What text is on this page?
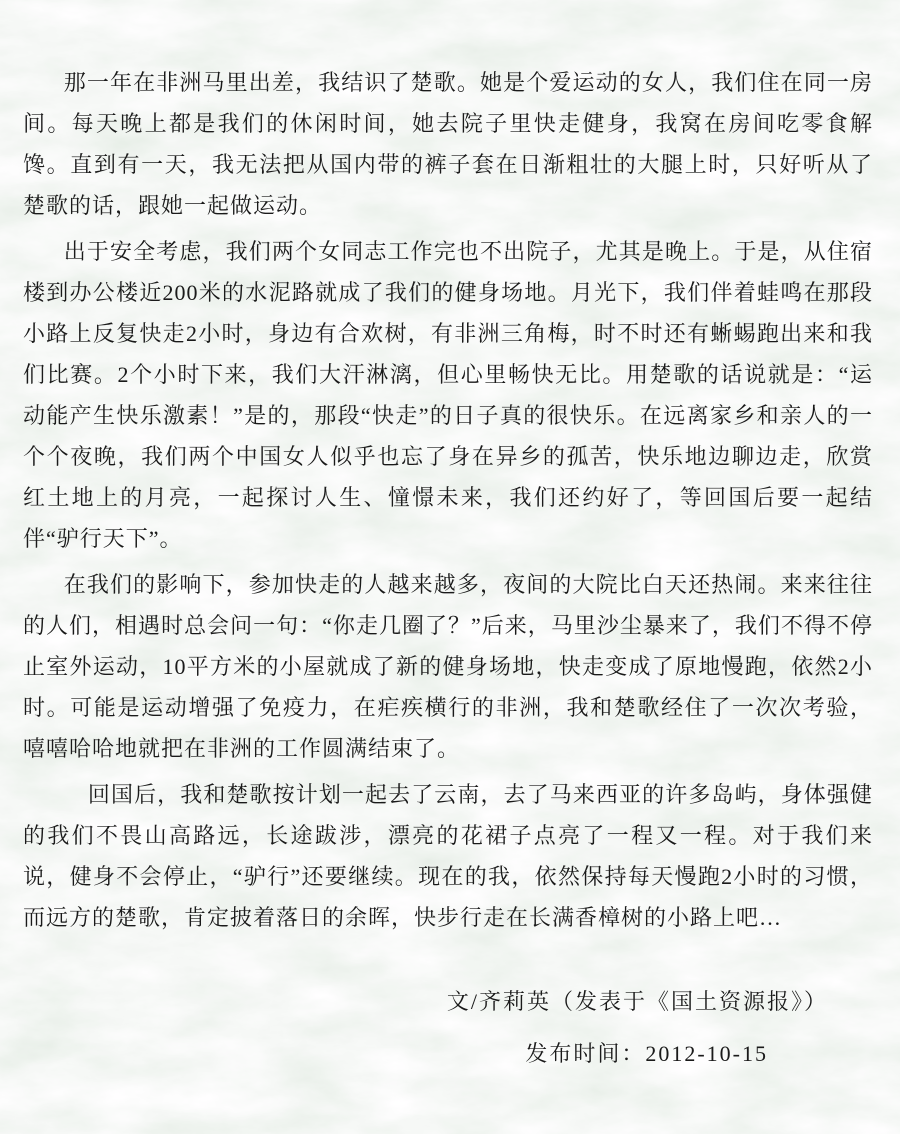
那一年在非洲马里出差，我结识了楚歌。她是个爱运动的女人，我们住在同一房间。每天晚上都是我们的休闲时间，她去院子里快走健身，我窝在房间吃零食解馋。直到有一天，我无法把从国内带的裤子套在日渐粗壮的大腿上时，只好听从了楚歌的话，跟她一起做运动。

出于安全考虑，我们两个女同志工作完也不出院子，尤其是晚上。于是，从住宿楼到办公楼近200米的水泥路就成了我们的健身场地。月光下，我们伴着蛙鸣在那段小路上反复快走2小时，身边有合欢树，有非洲三角梅，时不时还有蜥蜴跑出来和我们比赛。2个小时下来，我们大汗淋漓，但心里畅快无比。用楚歌的话说就是：“运动能产生快乐激素！”是的，那段“快走”的日子真的很快乐。在远离家乡和亲人的一个个夜晚，我们两个中国女人似乎也忘了身在异乡的孤苦，快乐地边聊边走，欣赏红土地上的月亮，一起探讨人生、憧憬未来，我们还约好了，等回国后要一起结伴“驴行天下”。

在我们的影响下，参加快走的人越来越多，夜间的大院比白天还热闹。来来往往的人们，相遇时总会问一句：“你走几圈了？”后来，马里沙尘暴来了，我们不得不停止室外运动，10平方米的小屋就成了新的健身场地，快走变成了原地慢跑，依然2小时。可能是运动增强了免疫力，在疟疾横行的非洲，我和楚歌经住了一次次考验，嘻嘻哈哈地就把在非洲的工作圆满结束了。

回国后，我和楚歌按计划一起去了云南，去了马来西亚的许多岛屿，身体强健的我们不畏山高路远，长途跋涉，漂亮的花裙子点亮了一程又一程。对于我们来说，健身不会停止，“驴行”还要继续。现在的我，依然保持每天慢跑2小时的习惯，而远方的楚歌，肯定披着落日的余晖，快步行走在长满香樟树的小路上吧…

文/齐莉英（发表于《国土资源报》）
发布时间：2012-10-15
